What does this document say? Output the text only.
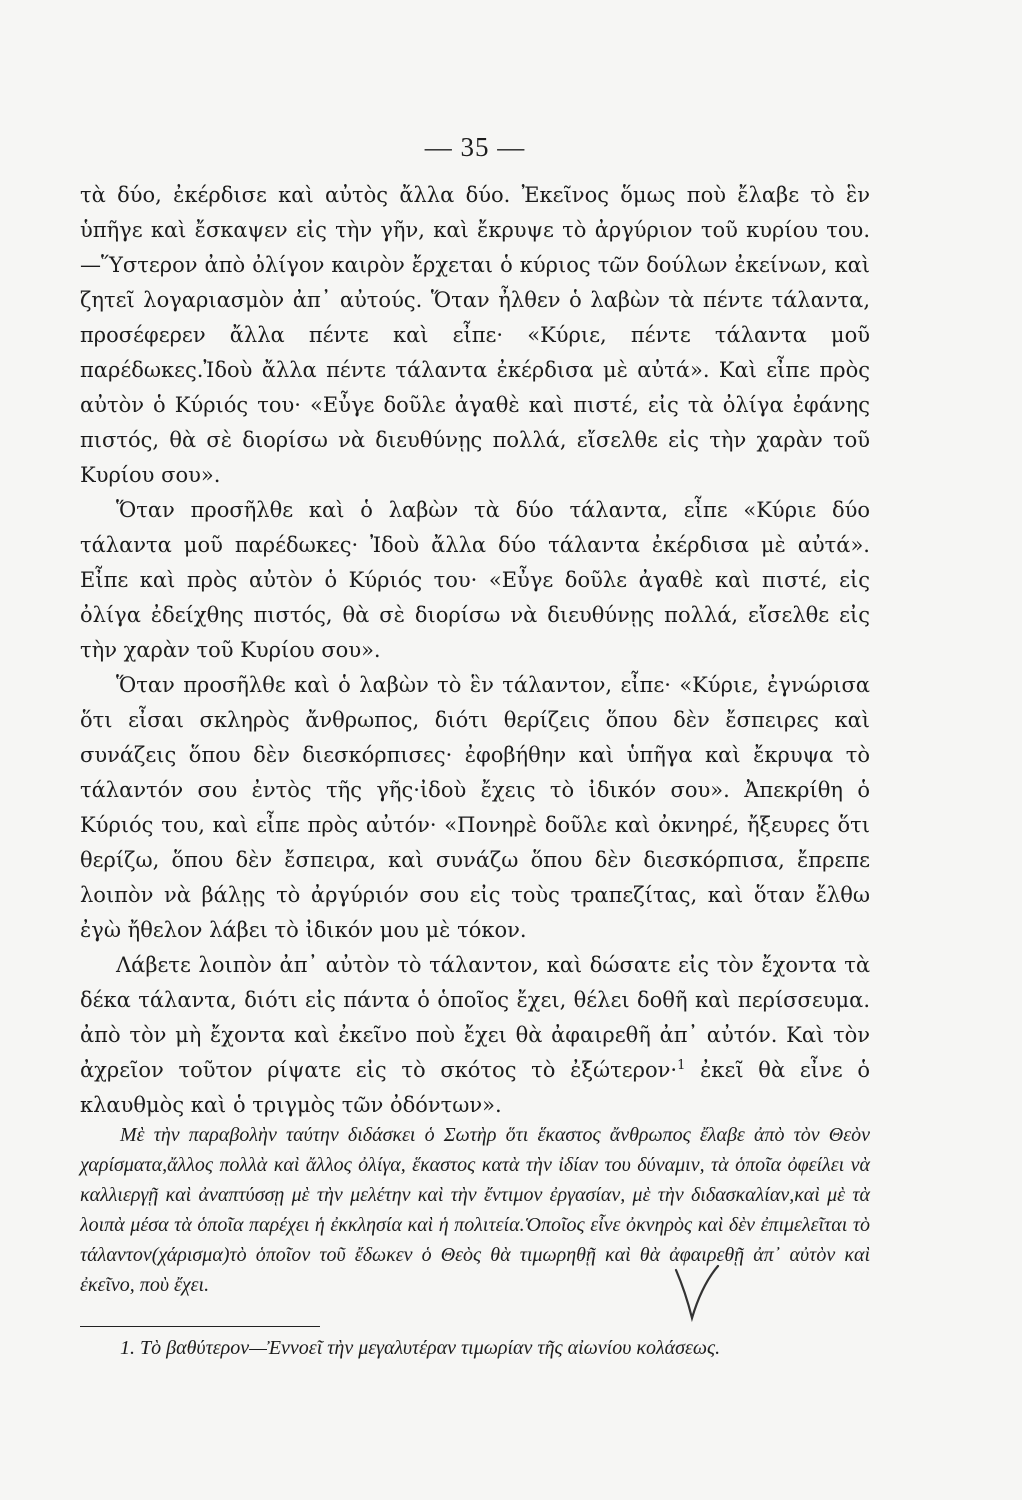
— 35 —

τὰ δύο, ἐκέρδισε καὶ αὐτὸς ἄλλα δύο. Ἐκεῖνος ὅμως ποὺ ἔλαβε τὸ ἓν ὑπῆγε καὶ ἔσκαψεν εἰς τὴν γῆν, καὶ ἔκρυψε τὸ ἀργύριον τοῦ κυρίου του.—Ὕστερον ἀπὸ ὀλίγον καιρὸν ἔρχεται ὁ κύριος τῶν δούλων ἐκείνων, καὶ ζητεῖ λογαριασμὸν ἀπ᾿ αὐτούς. Ὅταν ἦλθεν ὁ λαβὼν τὰ πέντε τάλαντα, προσέφερεν ἄλλα πέντε καὶ εἶπε· «Κύριε, πέντε τάλαντα μοῦ παρέδωκες.Ἰδοὺ ἄλλα πέντε τάλαντα ἐκέρδισα μὲ αὐτά». Καὶ εἶπε πρὸς αὐτὸν ὁ Κύριός του· «Εὖγε δοῦλε ἀγαθὲ καὶ πιστέ, εἰς τὰ ὀλίγα ἐφάνης πιστός, θὰ σὲ διορίσω νὰ διευθύνῃς πολλά, εἴσελθε εἰς τὴν χαρὰν τοῦ Κυρίου σου».

Ὅταν προσῆλθε καὶ ὁ λαβὼν τὰ δύο τάλαντα, εἶπε «Κύριε δύο τάλαντα μοῦ παρέδωκες· Ἰδοὺ ἄλλα δύο τάλαντα ἐκέρδισα μὲ αὐτά». Εἶπε καὶ πρὸς αὐτὸν ὁ Κύριός του· «Εὖγε δοῦλε ἀγαθὲ καὶ πιστέ, εἰς ὀλίγα ἐδείχθης πιστός, θὰ σὲ διορίσω νὰ διευθύνῃς πολλά, εἴσελθε εἰς τὴν χαρὰν τοῦ Κυρίου σου».

Ὅταν προσῆλθε καὶ ὁ λαβὼν τὸ ἓν τάλαντον, εἶπε· «Κύριε, ἐγνώρισα ὅτι εἶσαι σκληρὸς ἄνθρωπος, διότι θερίζεις ὅπου δὲν ἔσπειρες καὶ συνάζεις ὅπου δὲν διεσκόρπισες· ἐφοβήθην καὶ ὑπῆγα καὶ ἔκρυψα τὸ τάλαντόν σου ἐντὸς τῆς γῆς·ἰδοὺ ἔχεις τὸ ἰδικόν σου». Ἀπεκρίθη ὁ Κύριός του, καὶ εἶπε πρὸς αὐτόν· «Πονηρὲ δοῦλε καὶ ὀκνηρέ, ἤξευρες ὅτι θερίζω, ὅπου δὲν ἔσπειρα, καὶ συνάζω ὅπου δὲν διεσκόρπισα, ἔπρεπε λοιπὸν νὰ βάλῃς τὸ ἀργύριόν σου εἰς τοὺς τραπεζίτας, καὶ ὅταν ἔλθω ἐγὼ ἤθελον λάβει τὸ ἰδικόν μου μὲ τόκον.

Λάβετε λοιπὸν ἀπ᾿ αὐτὸν τὸ τάλαντον, καὶ δώσατε εἰς τὸν ἔχοντα τὰ δέκα τάλαντα, διότι εἰς πάντα ὁ ὁποῖος ἔχει, θέλει δοθῆ καὶ περίσσευμα. ἀπὸ τὸν μὴ ἔχοντα καὶ ἐκεῖνο ποὺ ἔχει θὰ ἀφαιρεθῆ ἀπ᾿ αὐτόν. Καὶ τὸν ἀχρεῖον τοῦτον ρίψατε εἰς τὸ σκότος τὸ ἐξώτερον·$^1$ ἐκεῖ θὰ εἶνε ὁ κλαυθμὸς καὶ ὁ τριγμὸς τῶν ὀδόντων».

Μὲ τὴν παραβολὴν ταύτην διδάσκει ὁ Σωτὴρ ὅτι ἕκαστος ἄνθρωπος ἔλαβε ἀπὸ τὸν Θεὸν χαρίσματα,ἄλλος πολλὰ καὶ ἄλλος ὀλίγα, ἕκαστος κατὰ τὴν ἰδίαν του δύναμιν, τὰ ὁποῖα ὀφείλει νὰ καλλιεργῇ καὶ ἀναπτύσσῃ μὲ τὴν μελέτην καὶ τὴν ἔντιμον ἐργασίαν, μὲ τὴν διδασκαλίαν,καὶ μὲ τὰ λοιπὰ μέσα τὰ ὁποῖα παρέχει ἡ ἐκκλησία καὶ ἡ πολιτεία.Ὁποῖος εἶνε ὀκνηρὸς καὶ δὲν ἐπιμελεῖται τὸ τάλαντον(χάρισμα)τὸ ὁποῖον τοῦ ἔδωκεν ὁ Θεὸς θὰ τιμωρηθῇ καὶ θὰ ἀφαιρεθῇ ἀπ᾿ αὐτὸν καὶ ἐκεῖνο, ποὺ ἔχει.

1. Τὸ βαθύτερον—Ἐννοεῖ τὴν μεγαλυτέραν τιμωρίαν τῆς αἰωνίου κολάσεως.
